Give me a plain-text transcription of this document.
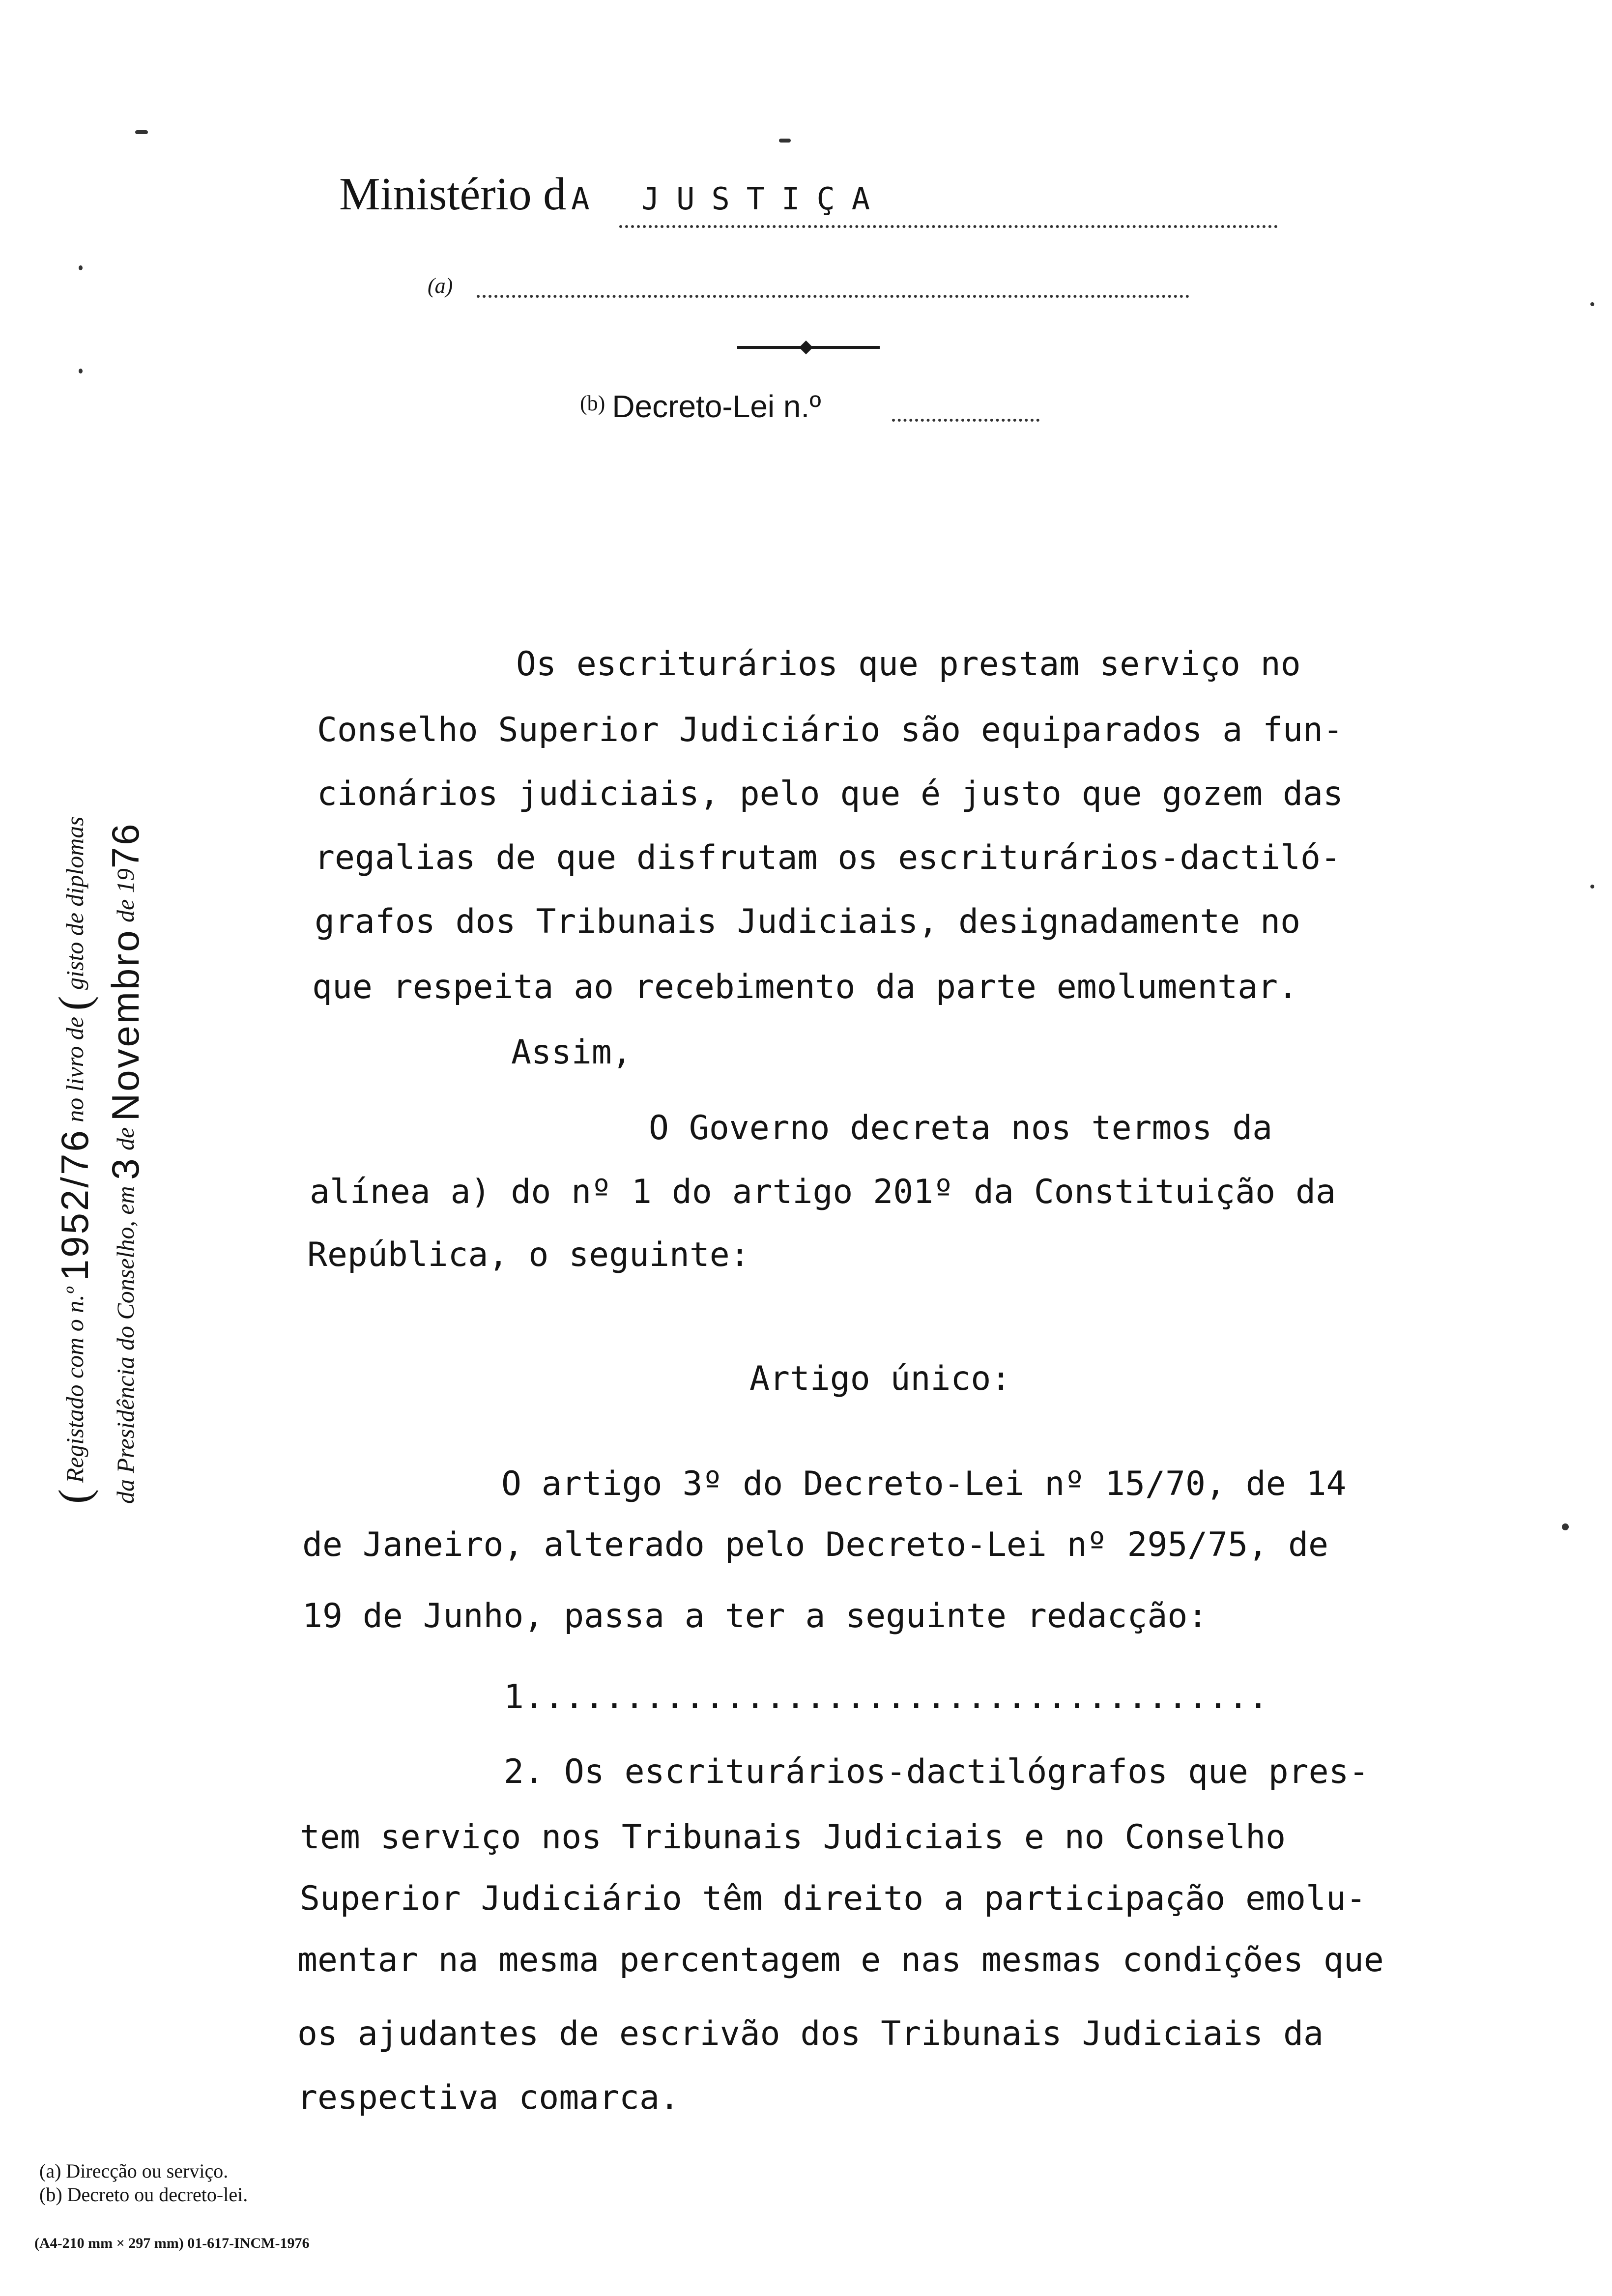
Ministério d A JUSTIÇA
(a)
$^{(b)}$ Decreto-Lei n.º
( Registado com o n.º 1952/76 no livro de ( gisto de diplomas
da Presidência do Conselho, em 3 de Novembro de 1976
Os escriturários que prestam serviço no
Conselho Superior Judiciário são equiparados a fun-
cionários judiciais, pelo que é justo que gozem das
regalias de que disfrutam os escriturários-dactiló-
grafos dos Tribunais Judiciais, designadamente no
que respeita ao recebimento da parte emolumentar.
Assim,
O Governo decreta nos termos da
alínea a) do nº 1 do artigo 201º da Constituição da
República, o seguinte:
Artigo único:
O artigo 3º do Decreto-Lei nº 15/70, de 14
de Janeiro, alterado pelo Decreto-Lei nº 295/75, de
19 de Junho, passa a ter a seguinte redacção:
1.....................................
2. Os escriturários-dactilógrafos que pres-
tem serviço nos Tribunais Judiciais e no Conselho
Superior Judiciário têm direito a participação emolu-
mentar na mesma percentagem e nas mesmas condições que
os ajudantes de escrivão dos Tribunais Judiciais da
respectiva comarca.
(a) Direcção ou serviço.
(b) Decreto ou decreto-lei.
(A4-210 mm × 297 mm) 01-617-INCM-1976
